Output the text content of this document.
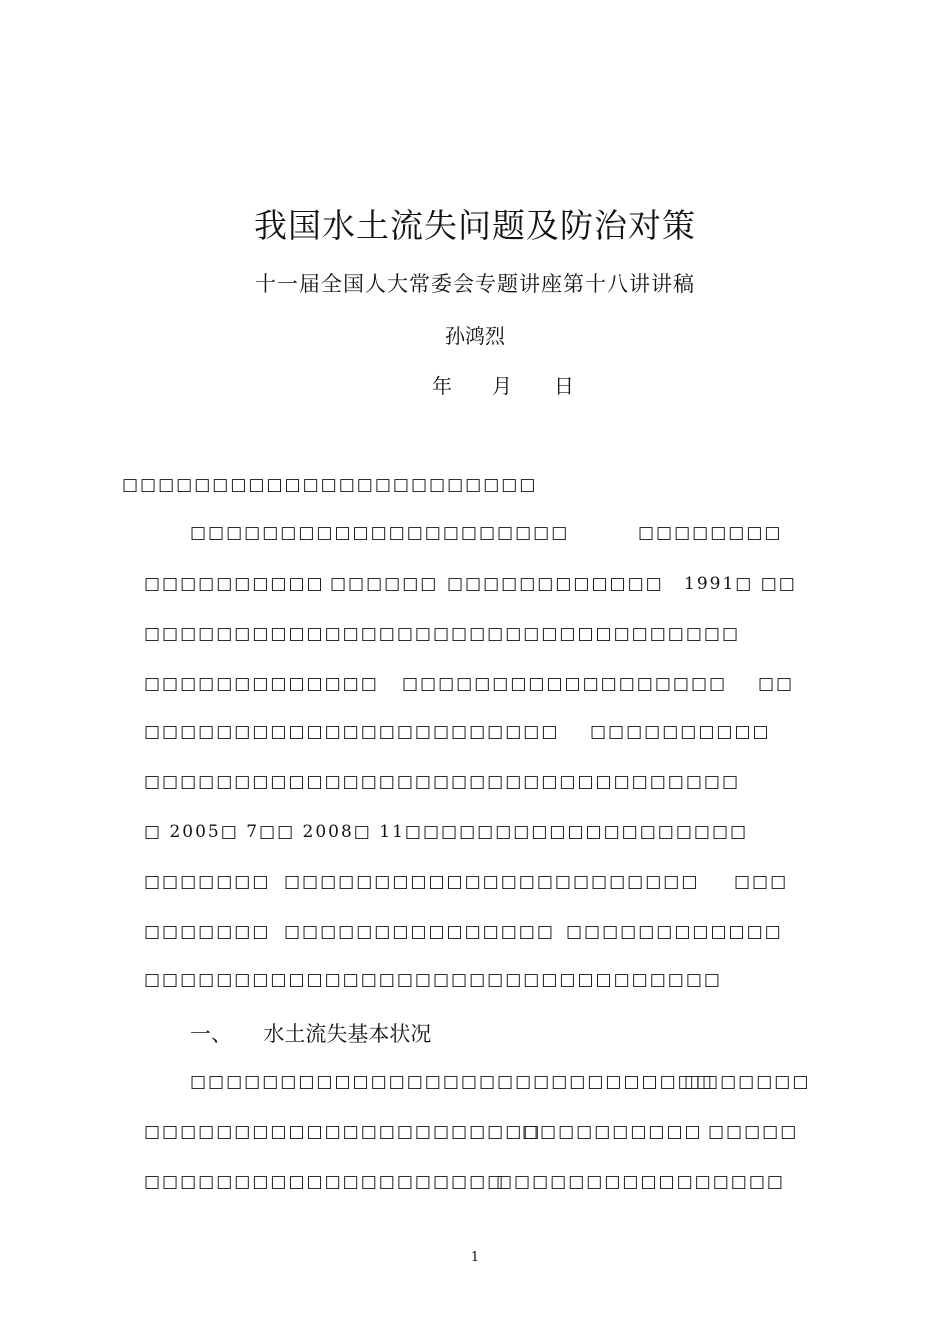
我国水土流失问题及防治对策
十一届全国人大常委会专题讲座第十八讲讲稿
孙鸿烈
年 月 日
□□□□□□□□□□□□□□□□□□□□□□□
□□□□□□□□□□□□□□□□□□□□□	□□□□□□□□
□□□□□□□□□□ □□□□□□ □□□□□□□□□□□□ 1991□ □□
□□□□□□□□□□□□□□□□□□□□□□□□□□□□□□□□□
□□□□□□□□□□□□□ □□□□□□□□□□□□□□□□□□ □□
□□□□□□□□□□□□□□□□□□□□□□□ □□□□□□□□□□
□□□□□□□□□□□□□□□□□□□□□□□□□□□□□□□□□
□ 2005□ 7□□ 2008□ 11□□□□□□□□□□□□□□□□□□□
□□□□□□□ □□□□□□□□□□□□□□□□□□□□□□□ □□□
□□□□□□□ □□□□□□□□□□□□□□□ □□□□□□□□□□□□
□□□□□□□□□□□□□□□□□□□□□□□□□□□□□□□□
一、 水土流失基本状况
□□□□□□□□□□□□□□□□□□□□□□□□□□□□□
□□□□□□□
□□□□□□□□□□□□□□□□□□□□□□
□□□□□□□□□□ □□□□□
□□□□□□□□□□□□□□□□□□□□
□□□□□□□□□□□□□□□□
1
